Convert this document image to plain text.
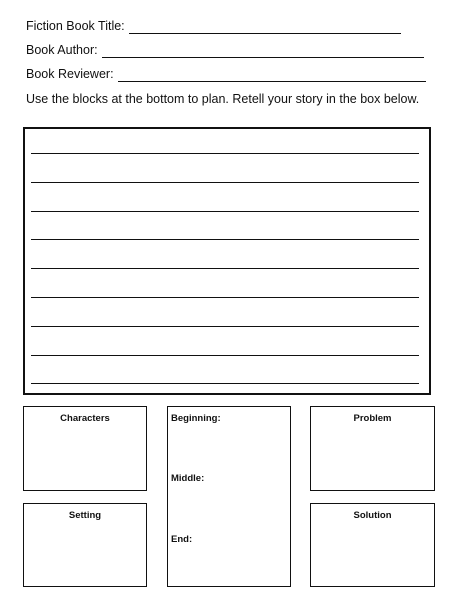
Fiction Book Title:
Book Author:
Book Reviewer:
Use the blocks at the bottom to plan. Retell your story in the box below.
Characters
Setting
Beginning:
Middle:
End:
Problem
Solution
